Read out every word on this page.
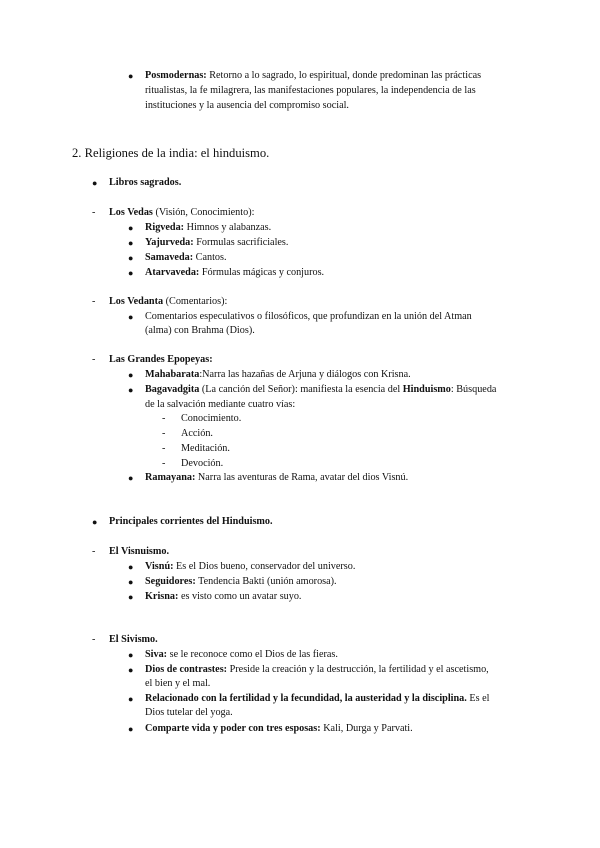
● Posmodernas: Retorno a lo sagrado, lo espiritual, donde predominan las prácticas
ritualistas, la fe milagrera, las manifestaciones populares, la independencia de las
instituciones y la ausencia del compromiso social.
2. Religiones de la india: el hinduismo.
● Libros sagrados.
- Los Vedas (Visión, Conocimiento):
● Rigveda: Himnos y alabanzas.
● Yajurveda: Formulas sacrificiales.
● Samaveda: Cantos.
● Atarvaveda: Fórmulas mágicas y conjuros.
- Los Vedanta (Comentarios):
● Comentarios especulativos o filosóficos, que profundizan en la unión del Atman
(alma) con Brahma (Dios).
- Las Grandes Epopeyas:
● Mahabarata:Narra las hazañas de Arjuna y diálogos con Krisna.
● Bagavadgita (La canción del Señor): manifiesta la esencia del Hinduismo: Búsqueda
de la salvación mediante cuatro vías:
- Conocimiento.
- Acción.
- Meditación.
- Devoción.
● Ramayana: Narra las aventuras de Rama, avatar del dios Visnú.
● Principales corrientes del Hinduismo.
- El Visnuismo.
● Visnú: Es el Dios bueno, conservador del universo.
● Seguidores: Tendencia Bakti (unión amorosa).
● Krisna: es visto como un avatar suyo.
- El Sivismo.
● Siva: se le reconoce como el Dios de las fieras.
● Dios de contrastes: Preside la creación y la destrucción, la fertilidad y el ascetismo,
el bien y el mal.
● Relacionado con la fertilidad y la fecundidad, la austeridad y la disciplina. Es el
Dios tutelar del yoga.
● Comparte vida y poder con tres esposas: Kali, Durga y Parvati.
